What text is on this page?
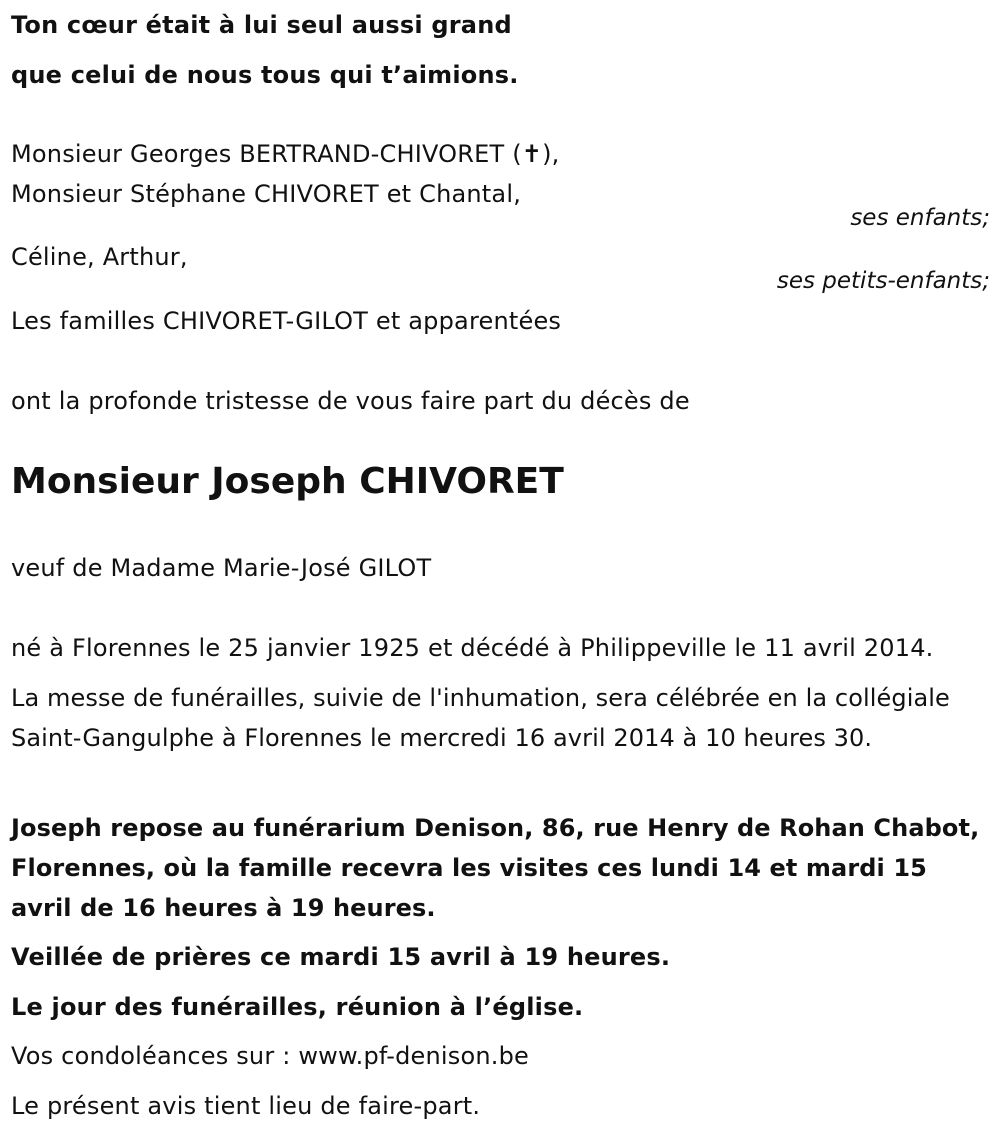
Ton cœur était à lui seul aussi grand
que celui de nous tous qui t’aimions.
Monsieur Georges BERTRAND-CHIVORET (✝),
Monsieur Stéphane CHIVORET et Chantal,
ses enfants;
Céline, Arthur,
ses petits-enfants;
Les familles CHIVORET-GILOT et apparentées
ont la profonde tristesse de vous faire part du décès de
Monsieur Joseph CHIVORET
veuf de Madame Marie-José GILOT
né à Florennes le 25 janvier 1925 et décédé à Philippeville le 11 avril 2014.
La messe de funérailles, suivie de l'inhumation, sera célébrée en la collégiale Saint-Gangulphe à Florennes le mercredi 16 avril 2014 à 10 heures 30.
Joseph repose au funérarium Denison, 86, rue Henry de Rohan Chabot, Florennes, où la famille recevra les visites ces lundi 14 et mardi 15 avril de 16 heures à 19 heures.
Veillée de prières ce mardi 15 avril à 19 heures.
Le jour des funérailles, réunion à l’église.
Vos condoléances sur : www.pf-denison.be
Le présent avis tient lieu de faire-part.
